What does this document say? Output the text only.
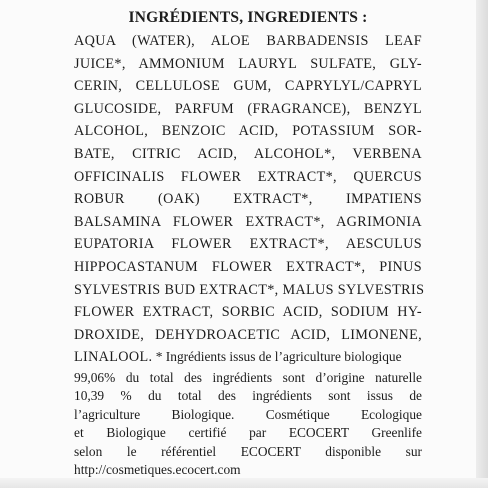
INGRÉDIENTS, INGREDIENTS :
AQUA (WATER), ALOE BARBADENSIS LEAF
JUICE*, AMMONIUM LAURYL SULFATE, GLY-
CERIN, CELLULOSE GUM, CAPRYLYL/CAPRYL
GLUCOSIDE, PARFUM (FRAGRANCE), BENZYL
ALCOHOL, BENZOIC ACID, POTASSIUM SOR-
BATE, CITRIC ACID, ALCOHOL*, VERBENA
OFFICINALIS FLOWER EXTRACT*, QUERCUS
ROBUR (OAK) EXTRACT*, IMPATIENS
BALSAMINA FLOWER EXTRACT*, AGRIMONIA
EUPATORIA FLOWER EXTRACT*, AESCULUS
HIPPOCASTANUM FLOWER EXTRACT*, PINUS
SYLVESTRIS BUD EXTRACT*, MALUS SYLVESTRIS
FLOWER EXTRACT, SORBIC ACID, SODIUM HY-
DROXIDE, DEHYDROACETIC ACID, LIMONENE,
LINALOOL. * Ingrédients issus de l’agriculture biologique
99,06% du total des ingrédients sont d’origine naturelle
10,39 % du total des ingrédients sont issus de
l’agriculture Biologique. Cosmétique Ecologique
et Biologique certifié par ECOCERT Greenlife
selon le référentiel ECOCERT disponible sur
http://cosmetiques.ecocert.com
